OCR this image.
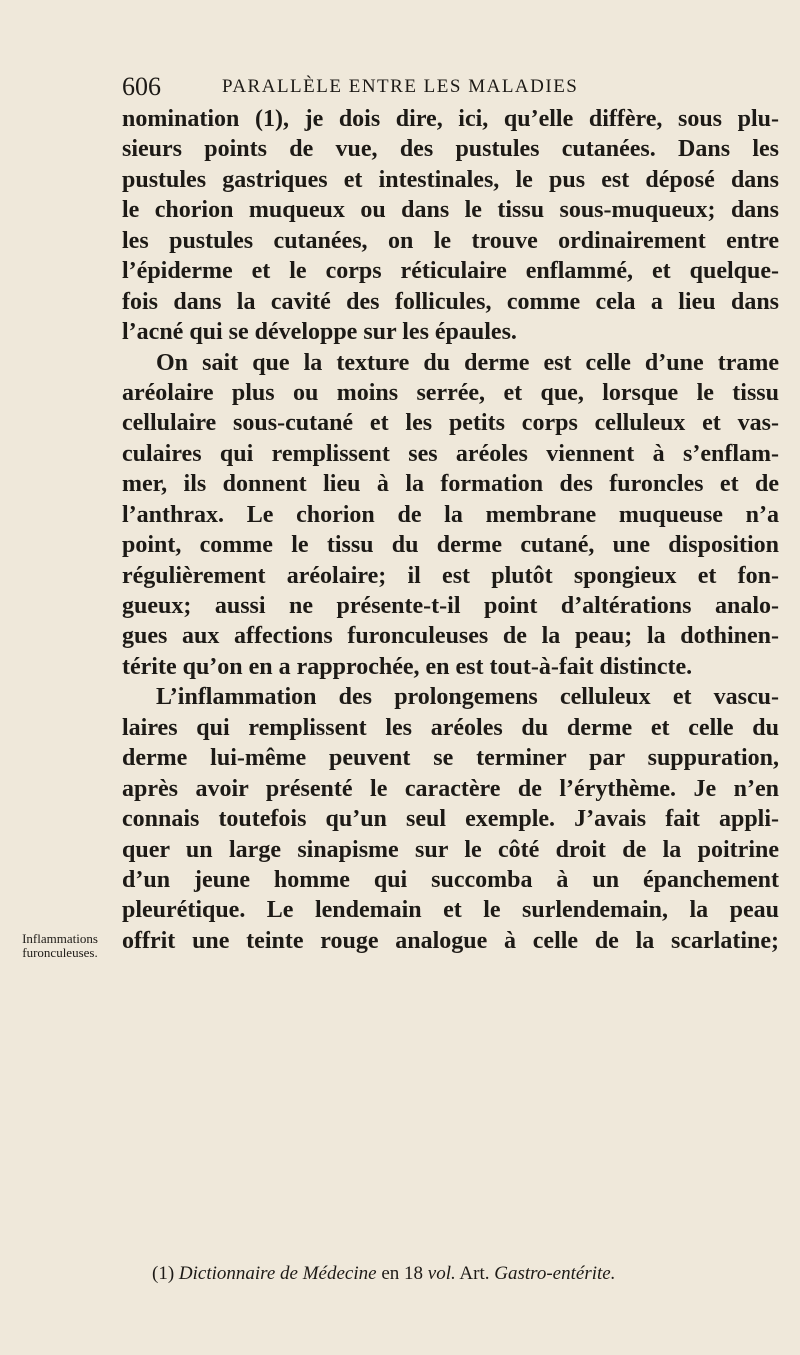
606	PARALLÈLE ENTRE LES MALADIES
Inflammations
furonculeuses.
nomination (1), je dois dire, ici, qu’elle diffère, sous plu-
sieurs points de vue, des pustules cutanées. Dans les
pustules gastriques et intestinales, le pus est déposé dans
le chorion muqueux ou dans le tissu sous-muqueux; dans
les pustules cutanées, on le trouve ordinairement entre
l’épiderme et le corps réticulaire enflammé, et quelque-
fois dans la cavité des follicules, comme cela a lieu dans
l’acné qui se développe sur les épaules.
On sait que la texture du derme est celle d’une trame
aréolaire plus ou moins serrée, et que, lorsque le tissu
cellulaire sous-cutané et les petits corps celluleux et vas-
culaires qui remplissent ses aréoles viennent à s’enflam-
mer, ils donnent lieu à la formation des furoncles et de
l’anthrax. Le chorion de la membrane muqueuse n’a
point, comme le tissu du derme cutané, une disposition
régulièrement aréolaire; il est plutôt spongieux et fon-
gueux; aussi ne présente-t-il point d’altérations analo-
gues aux affections furonculeuses de la peau; la dothinen-
térite qu’on en a rapprochée, en est tout-à-fait distincte.
L’inflammation des prolongemens celluleux et vascu-
laires qui remplissent les aréoles du derme et celle du
derme lui-même peuvent se terminer par suppuration,
après avoir présenté le caractère de l’érythème. Je n’en
connais toutefois qu’un seul exemple. J’avais fait appli-
quer un large sinapisme sur le côté droit de la poitrine
d’un jeune homme qui succomba à un épanchement
pleurétique. Le lendemain et le surlendemain, la peau
offrit une teinte rouge analogue à celle de la scarlatine;
(1) Dictionnaire de Médecine en 18 vol. Art. Gastro-entérite.
